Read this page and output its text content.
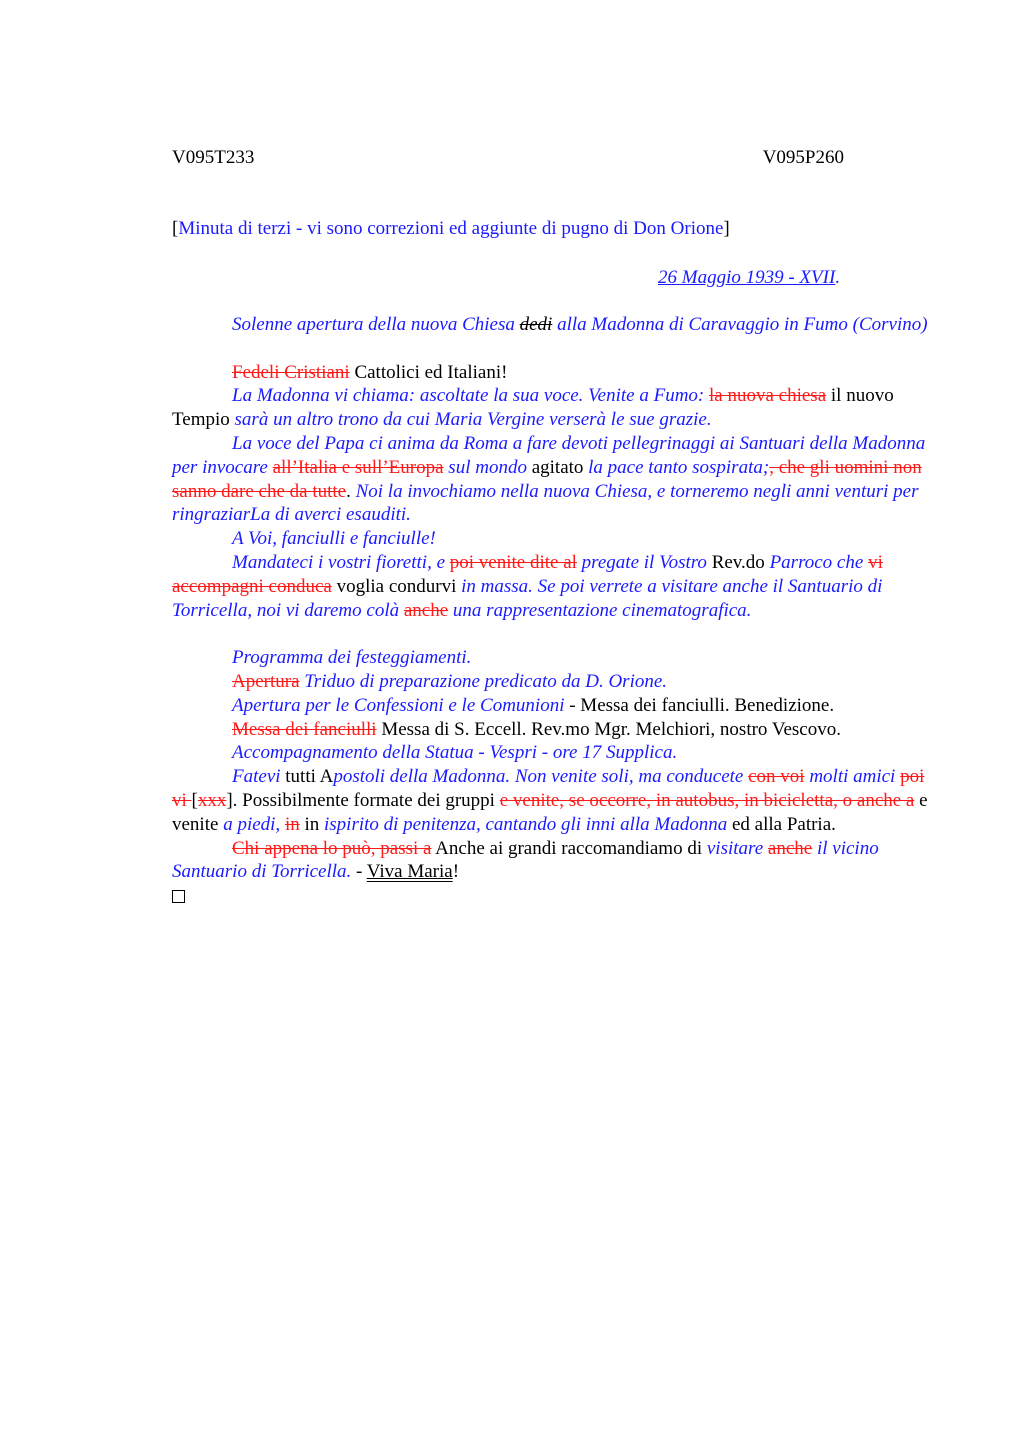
V095T233	V095P260
[Minuta di terzi - vi sono correzioni ed aggiunte di pugno di Don Orione]
26 Maggio 1939 - XVII.

Solenne apertura della nuova Chiesa dedi alla Madonna di Caravaggio in Fumo (Corvino)

Fedeli Cristiani Cattolici ed Italiani!

La Madonna vi chiama: ascoltate la sua voce. Venite a Fumo: la nuova chiesa il nuovo Tempio sarà un altro trono da cui Maria Vergine verserà le sue grazie.

La voce del Papa ci anima da Roma a fare devoti pellegrinaggi ai Santuari della Madonna per invocare all’Italia e sull’Europa sul mondo agitato la pace tanto sospirata;, che gli uomini non sanno dare che da tutte. Noi la invochiamo nella nuova Chiesa, e torneremo negli anni venturi per ringraziarLa di averci esauditi.

A Voi, fanciulli e fanciulle!

Mandateci i vostri fioretti, e poi venite dite al pregate il Vostro Rev.do Parroco che vi accompagni conduca voglia condurvi in massa. Se poi verrete a visitare anche il Santuario di Torricella, noi vi daremo colà anche una rappresentazione cinematografica.

Programma dei festeggiamenti.

Apertura Triduo di preparazione predicato da D. Orione.

Apertura per le Confessioni e le Comunioni - Messa dei fanciulli. Benedizione.

Messa dei fanciulli Messa di S. Eccell. Rev.mo Mgr. Melchiori, nostro Vescovo.

Accompagnamento della Statua - Vespri - ore 17 Supplica.

Fatevi tutti Apostoli della Madonna. Non venite soli, ma conducete con voi molti amici poi vi [xxx]. Possibilmente formate dei gruppi e venite, se occorre, in autobus, in bicicletta, o anche a e venite a piedi, in in ispirito di penitenza, cantando gli inni alla Madonna ed alla Patria.

Chi appena lo può, passi a Anche ai grandi raccomandiamo di visitare anche il vicino Santuario di Torricella. - Viva Maria!
